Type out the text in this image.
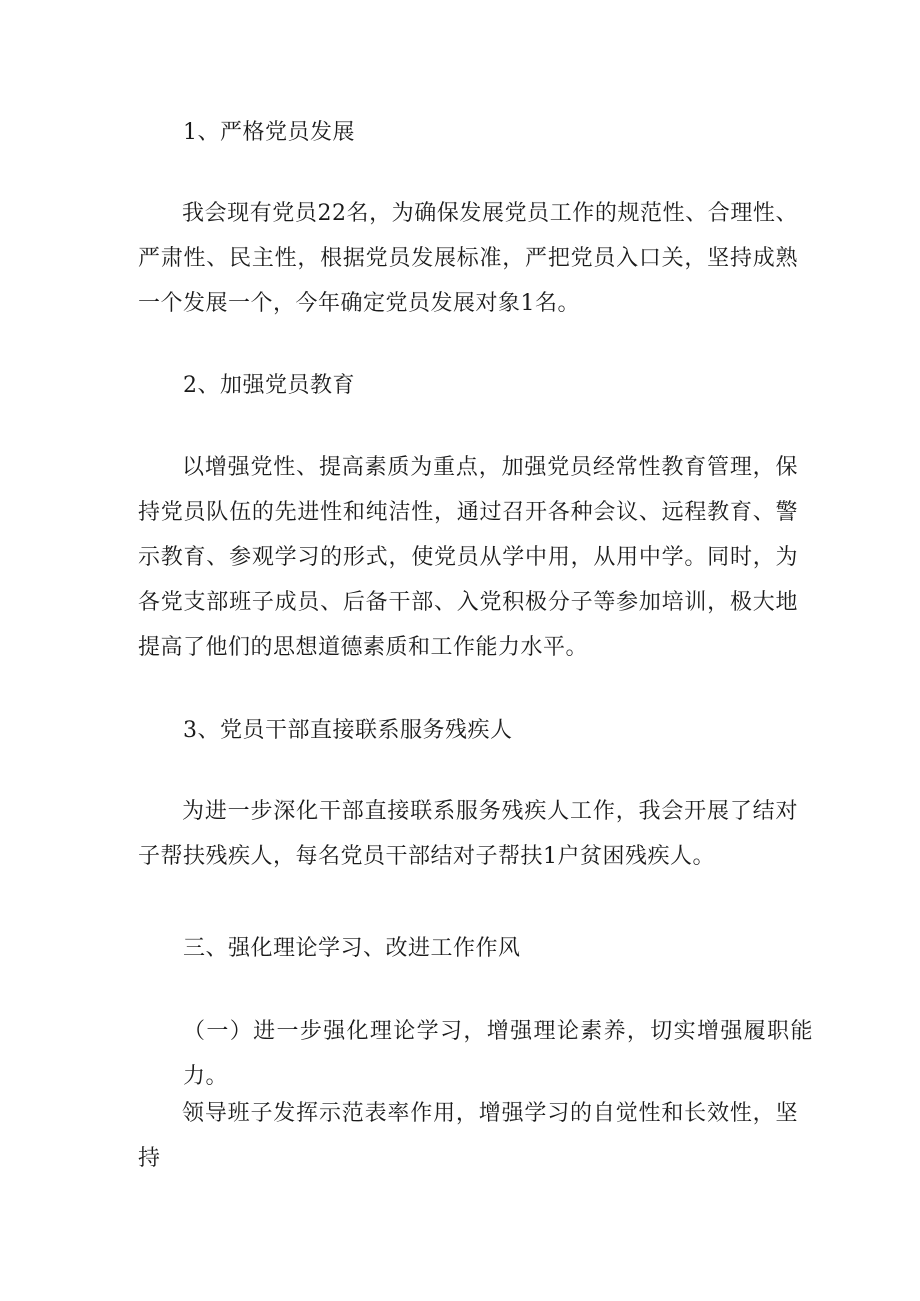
1、严格党员发展

我会现有党员22名，为确保发展党员工作的规范性、合理性、严肃性、民主性，根据党员发展标准，严把党员入口关，坚持成熟一个发展一个，今年确定党员发展对象1名。

2、加强党员教育

以增强党性、提高素质为重点，加强党员经常性教育管理，保持党员队伍的先进性和纯洁性，通过召开各种会议、远程教育、警示教育、参观学习的形式，使党员从学中用，从用中学。同时，为各党支部班子成员、后备干部、入党积极分子等参加培训，极大地提高了他们的思想道德素质和工作能力水平。

3、党员干部直接联系服务残疾人

为进一步深化干部直接联系服务残疾人工作，我会开展了结对子帮扶残疾人，每名党员干部结对子帮扶1户贫困残疾人。

三、强化理论学习、改进工作作风

（一）进一步强化理论学习，增强理论素养，切实增强履职能力。

领导班子发挥示范表率作用，增强学习的自觉性和长效性，坚持
